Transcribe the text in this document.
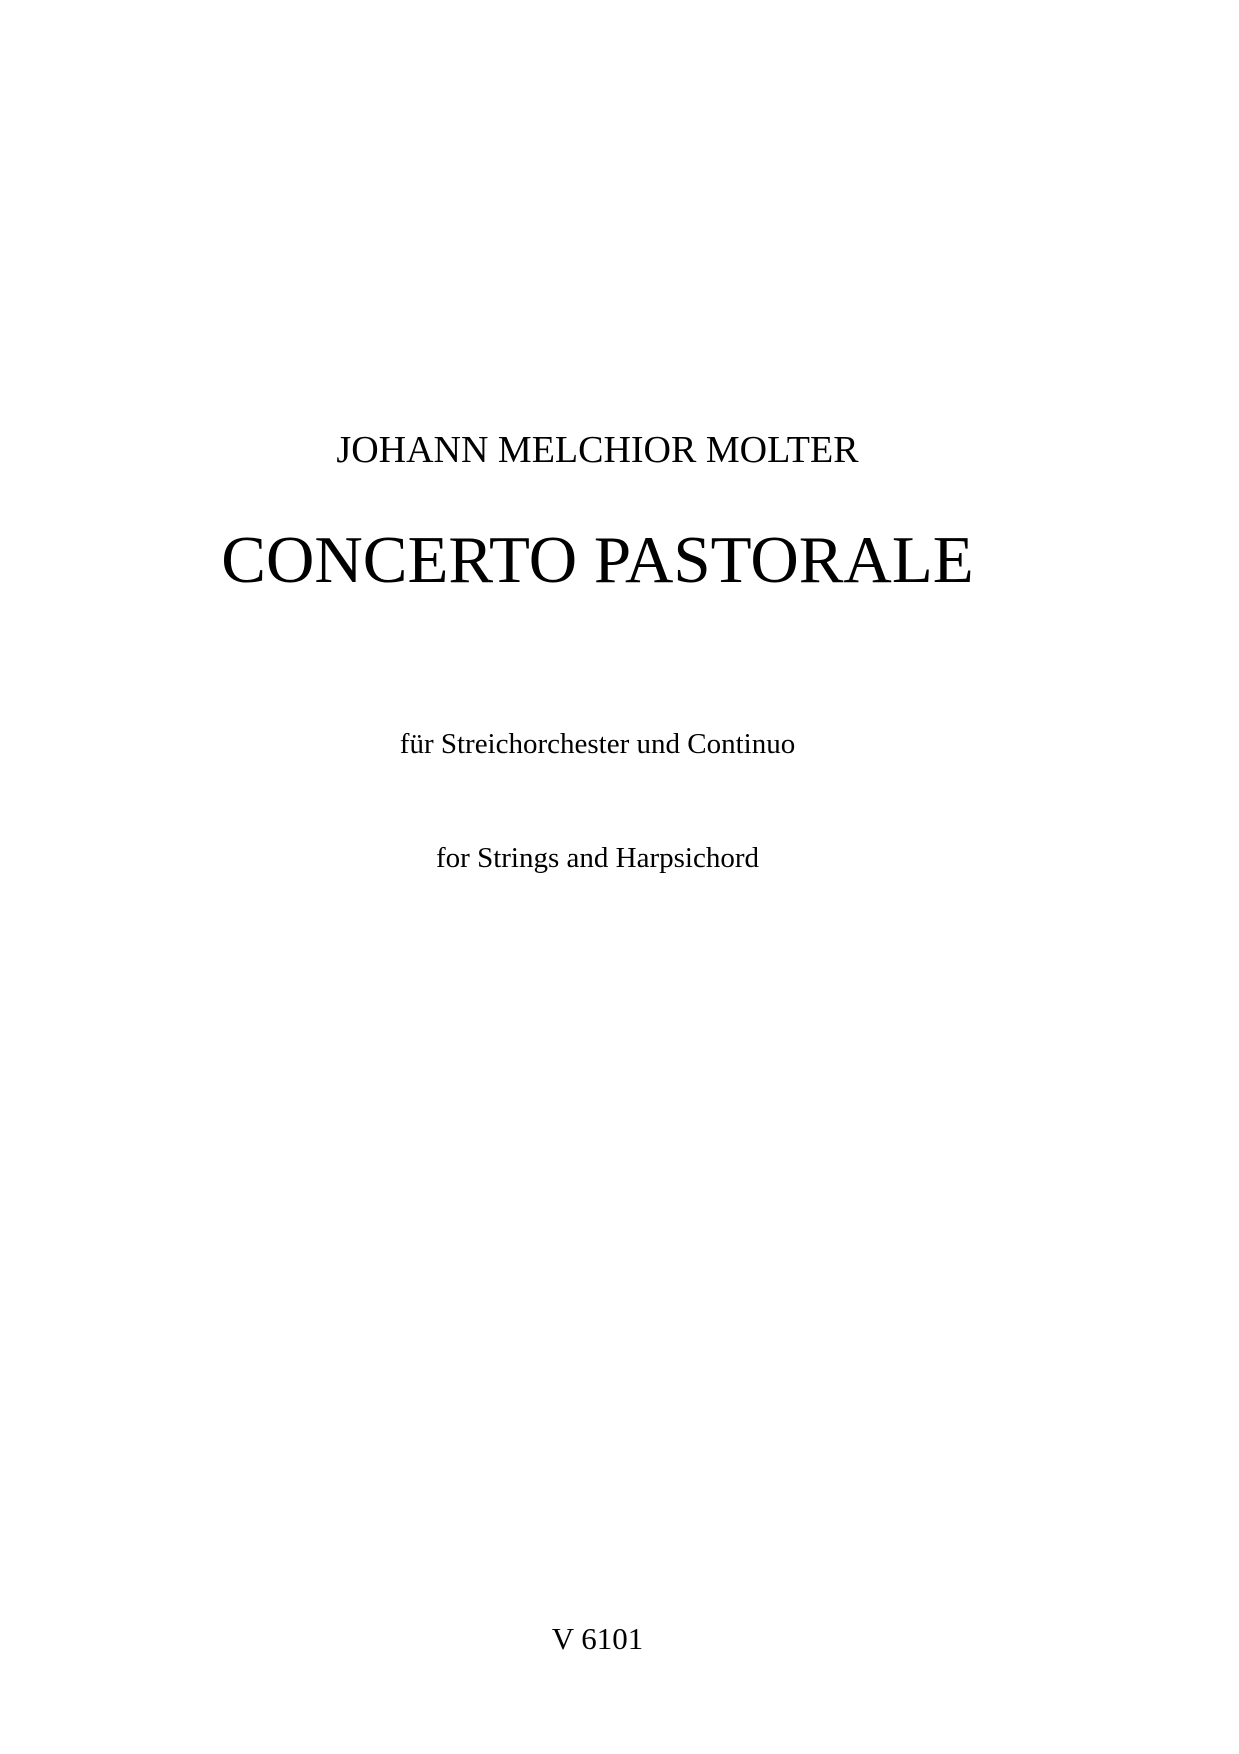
JOHANN MELCHIOR MOLTER
CONCERTO PASTORALE

für Streichorchester und Continuo

for Strings and Harpsichord

V 6101
